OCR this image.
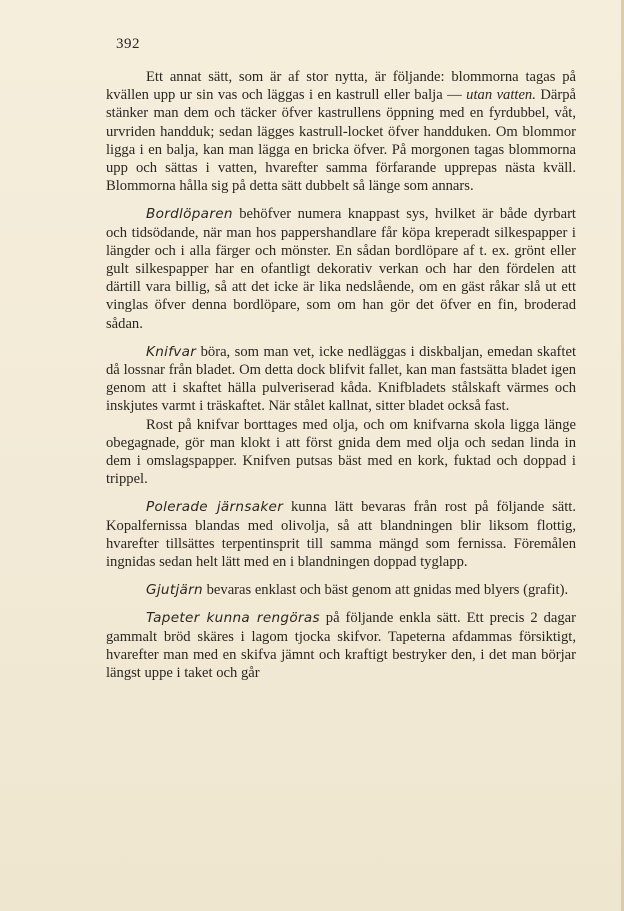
392

Ett annat sätt, som är af stor nytta, är följande: blommorna tagas på kvällen upp ur sin vas och läggas i en kastrull eller balja — utan vatten. Därpå stänker man dem och täcker öfver kastrullens öppning med en fyrdubbel, våt, urvriden handduk; sedan lägges kastrull-locket öfver handduken. Om blommor ligga i en balja, kan man lägga en bricka öfver. På morgonen tagas blommorna upp och sättas i vatten, hvarefter samma förfarande upprepas nästa kväll. Blommorna hålla sig på detta sätt dubbelt så länge som annars.

Bordlöparen behöfver numera knappast sys, hvilket är både dyrbart och tidsödande, när man hos pappershandlare får köpa kreperadt silkespapper i längder och i alla färger och mönster. En sådan bordlöpare af t. ex. grönt eller gult silkespapper har en ofantligt dekorativ verkan och har den fördelen att därtill vara billig, så att det icke är lika nedslående, om en gäst råkar slå ut ett vinglas öfver denna bordlöpare, som om han gör det öfver en fin, broderad sådan.

Knifvar böra, som man vet, icke nedläggas i diskbaljan, emedan skaftet då lossnar från bladet. Om detta dock blifvit fallet, kan man fastsätta bladet igen genom att i skaftet hälla pulveriserad kåda. Knifbladets stålskaft värmes och inskjutes varmt i träskaftet. När stålet kallnat, sitter bladet också fast.

Rost på knifvar borttages med olja, och om knifvarna skola ligga länge obegagnade, gör man klokt i att först gnida dem med olja och sedan linda in dem i omslagspapper. Knifven putsas bäst med en kork, fuktad och doppad i trippel.

Polerade järnsaker kunna lätt bevaras från rost på följande sätt. Kopalfernissa blandas med olivolja, så att blandningen blir liksom flottig, hvarefter tillsättes terpentinsprit till samma mängd som fernissa. Föremålen ingnidas sedan helt lätt med en i blandningen doppad tyglapp.

Gjutjärn bevaras enklast och bäst genom att gnidas med blyers (grafit).

Tapeter kunna rengöras på följande enkla sätt. Ett precis 2 dagar gammalt bröd skäres i lagom tjocka skifvor. Tapeterna afdammas försiktigt, hvarefter man med en skifva jämnt och kraftigt bestryker den, i det man börjar längst uppe i taket och går
